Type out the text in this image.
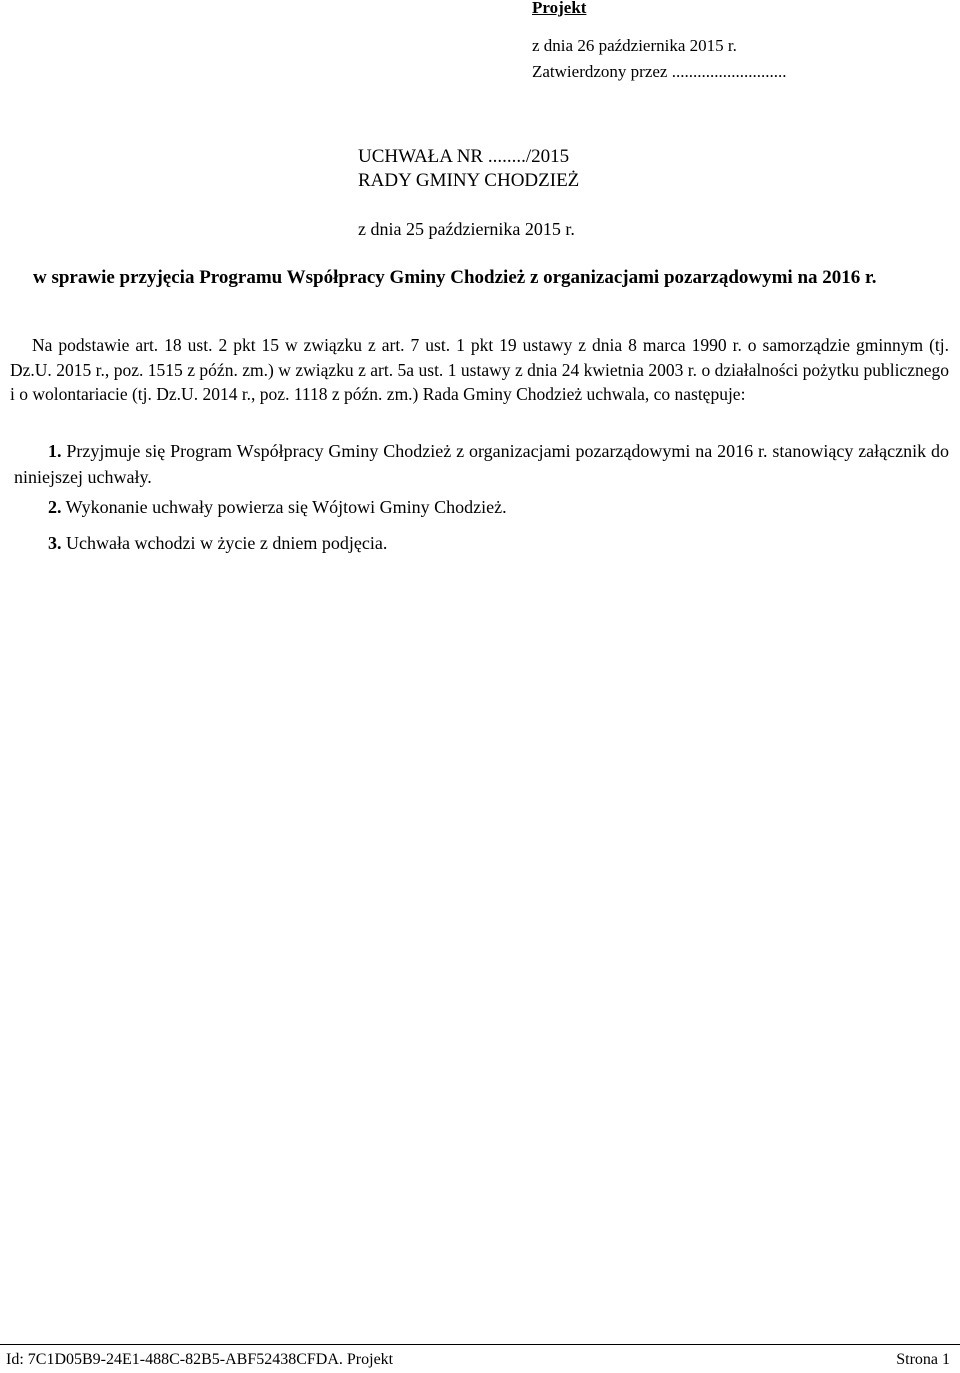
Projekt
z dnia 26 października 2015 r.
Zatwierdzony przez ...........................
UCHWAŁA NR ......../2015
RADY GMINY CHODZIEŻ
z dnia 25 października 2015 r.
w sprawie przyjęcia Programu Współpracy Gminy Chodzież z organizacjami pozarządowymi na 2016 r.

Na podstawie art. 18 ust. 2 pkt 15 w związku z art. 7 ust. 1 pkt 19 ustawy z dnia 8 marca 1990 r. o samorządzie gminnym (tj. Dz.U. 2015 r., poz. 1515 z późn. zm.) w związku z art. 5a ust. 1 ustawy z dnia 24 kwietnia 2003 r. o działalności pożytku publicznego i o wolontariacie (tj. Dz.U. 2014 r., poz. 1118 z późn. zm.) Rada Gminy Chodzież uchwala, co następuje:

1. Przyjmuje się Program Współpracy Gminy Chodzież z organizacjami pozarządowymi na 2016 r. stanowiący załącznik do niniejszej uchwały.

2. Wykonanie uchwały powierza się Wójtowi Gminy Chodzież.

3. Uchwała wchodzi w życie z dniem podjęcia.

Id: 7C1D05B9-24E1-488C-82B5-ABF52438CFDA. Projekt	Strona 1
